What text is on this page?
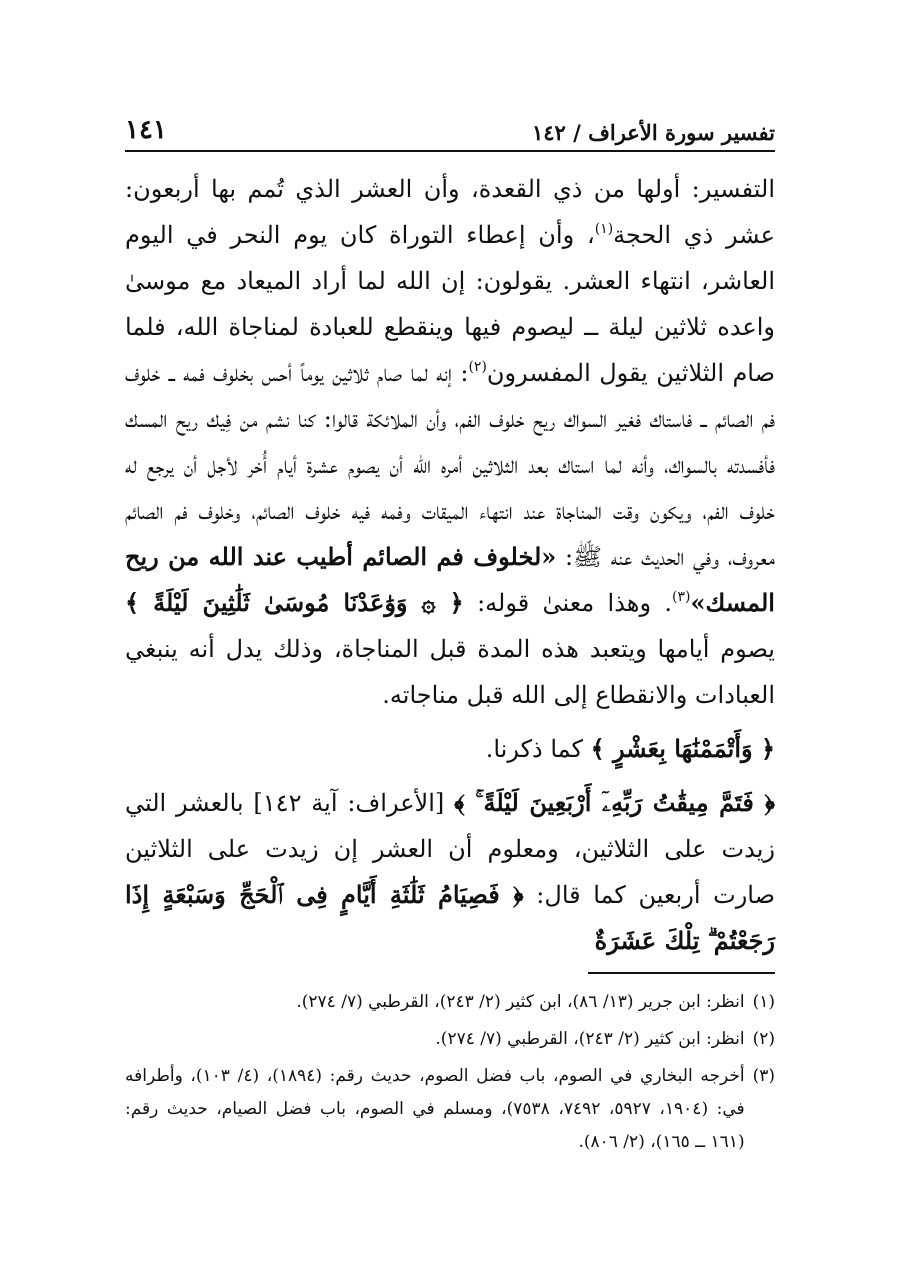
تفسير سورة الأعراف / ١٤٢
١٤١

التفسير: أولها من ذي القعدة، وأن العشر الذي تُمم بها أربعون: عشر ذي الحجة$^{(١)}$، وأن إعطاء التوراة كان يوم النحر في اليوم العاشر، انتهاء العشر. يقولون: إن الله لما أراد الميعاد مع موسىٰ واعده ثلاثين ليلة ــ ليصوم فيها وينقطع للعبادة لمناجاة الله، فلما صام الثلاثين يقول المفسرون$^{(٢)}$: إنه لما صام ثلاثين يوماً أحس بخلوف فمه ــ خلوف فم الصائم ــ فاستاك فغير السواك ريح خلوف الفم، وأن الملائكة قالوا: كنا نشم من فِيك ريح المسك فأفسدته بالسواك، وأنه لما استاك بعد الثلاثين أمره الله أن يصوم عشرة أيام أُخر لأجل أن يرجع له خلوف الفم، ويكون وقت المناجاة عند انتهاء الميقات وفمه فيه خلوف الصائم، وخلوف فم الصائم معروف، وفي الحديث عنه ﷺ: «لخلوف فم الصائم أطيب عند الله من ريح المسك»$^{(٣)}$. وهذا معنىٰ قوله: ﴿ ۞ وَوَٰعَدْنَا مُوسَىٰ ثَلَٰثِينَ لَيْلَةً ﴾ يصوم أيامها ويتعبد هذه المدة قبل المناجاة، وذلك يدل أنه ينبغي العبادات والانقطاع إلى الله قبل مناجاته.

﴿ وَأَتْمَمْنَٰهَا بِعَشْرٍ ﴾ كما ذكرنا.

﴿ فَتَمَّ مِيقَٰتُ رَبِّهِۦٓ أَرْبَعِينَ لَيْلَةً ۚ ﴾ [الأعراف: آية ١٤٢] بالعشر التي زيدت على الثلاثين، ومعلوم أن العشر إن زيدت على الثلاثين صارت أربعين كما قال: ﴿ فَصِيَامُ ثَلَٰثَةِ أَيَّامٍ فِى ٱلْحَجِّ وَسَبْعَةٍ إِذَا رَجَعْتُمْ ۗ تِلْكَ عَشَرَةٌ

(١)
انظر: ابن جرير (١٣/ ٨٦)، ابن كثير (٢/ ٢٤٣)، القرطبي (٧/ ٢٧٤).
(٢)
انظر: ابن كثير (٢/ ٢٤٣)، القرطبي (٧/ ٢٧٤).
(٣)
أخرجه البخاري في الصوم، باب فضل الصوم، حديث رقم: (١٨٩٤)، (٤/ ١٠٣)، وأطرافه في: (١٩٠٤، ٥٩٢٧، ٧٤٩٢، ٧٥٣٨)، ومسلم في الصوم، باب فضل الصيام، حديث رقم: (١٦١ ــ ١٦٥)، (٢/ ٨٠٦).
